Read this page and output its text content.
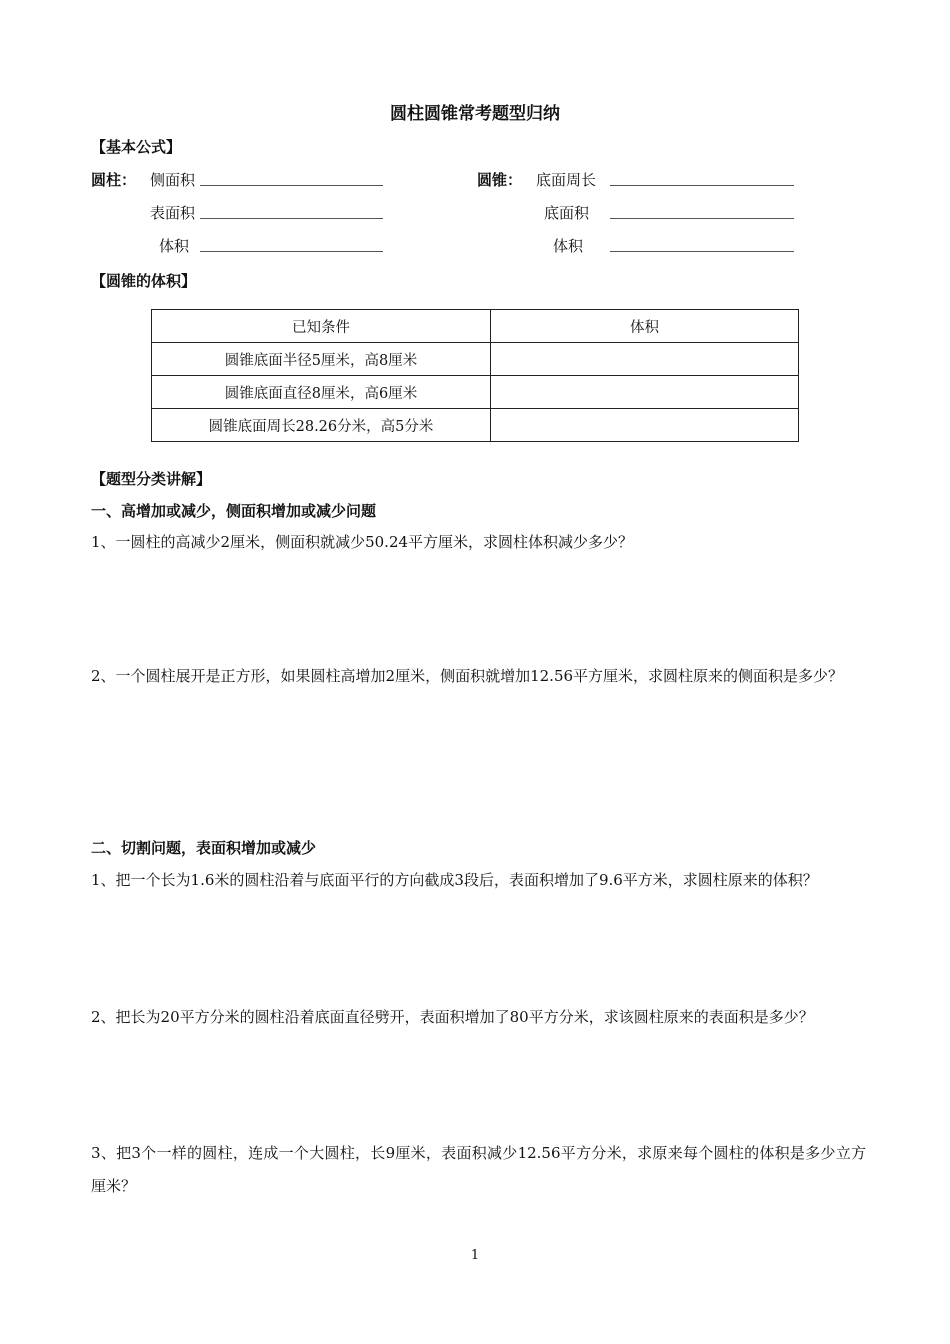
圆柱圆锥常考题型归纳
【基本公式】
圆柱： 侧面积
表面积
体积
圆锥： 底面周长
底面积
体积
【圆锥的体积】
已知条件	体积
圆锥底面半径5厘米，高8厘米	
圆锥底面直径8厘米，高6厘米	
圆锥底面周长28.26分米，高5分米	
【题型分类讲解】
一、高增加或减少，侧面积增加或减少问题
1、一圆柱的高减少2厘米，侧面积就减少50.24平方厘米，求圆柱体积减少多少？
2、一个圆柱展开是正方形，如果圆柱高增加2厘米，侧面积就增加12.56平方厘米，求圆柱原来的侧面积是多少？
二、切割问题，表面积增加或减少
1、把一个长为1.6米的圆柱沿着与底面平行的方向截成3段后，表面积增加了9.6平方米，求圆柱原来的体积？
2、把长为20平方分米的圆柱沿着底面直径劈开，表面积增加了80平方分米，求该圆柱原来的表面积是多少？
3、把3个一样的圆柱，连成一个大圆柱，长9厘米，表面积减少12.56平方分米，求原来每个圆柱的体积是多少立方厘米？
1
